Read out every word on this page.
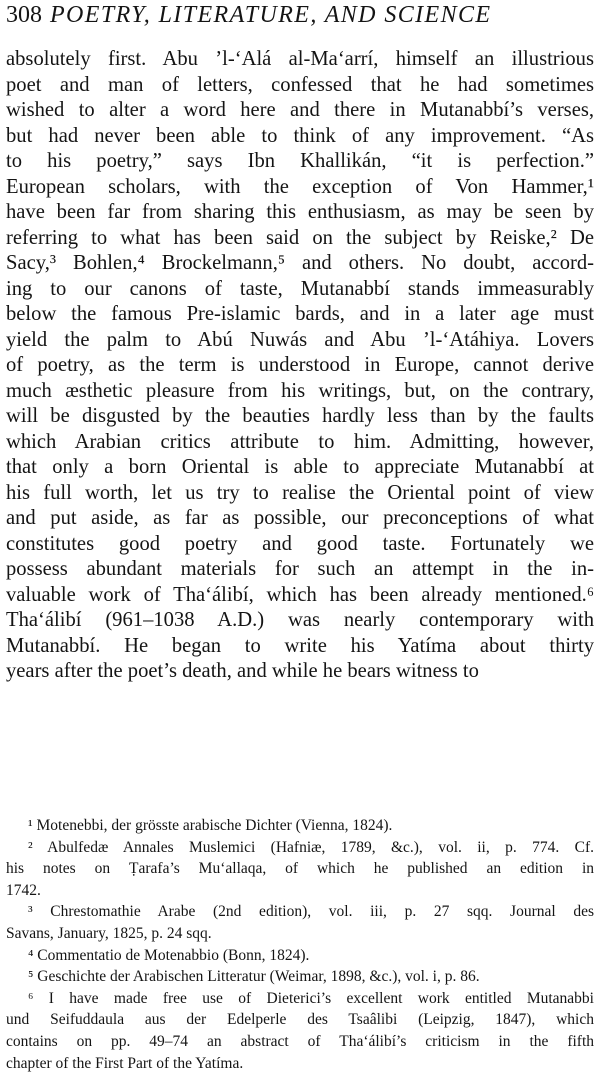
308 POETRY, LITERATURE, AND SCIENCE
absolutely first. Abu ’l-‘Alá al-Ma‘arrí, himself an illustrious
poet and man of letters, confessed that he had sometimes
wished to alter a word here and there in Mutanabbí’s verses,
but had never been able to think of any improvement. “As
to his poetry,” says Ibn Khallikán, “it is perfection.”
European scholars, with the exception of Von Hammer,¹
have been far from sharing this enthusiasm, as may be seen by
referring to what has been said on the subject by Reiske,² De
Sacy,³ Bohlen,⁴ Brockelmann,⁵ and others. No doubt, accord-
ing to our canons of taste, Mutanabbí stands immeasurably
below the famous Pre-islamic bards, and in a later age must
yield the palm to Abú Nuwás and Abu ’l-‘Atáhiya. Lovers
of poetry, as the term is understood in Europe, cannot derive
much æsthetic pleasure from his writings, but, on the contrary,
will be disgusted by the beauties hardly less than by the faults
which Arabian critics attribute to him. Admitting, however,
that only a born Oriental is able to appreciate Mutanabbí at
his full worth, let us try to realise the Oriental point of view
and put aside, as far as possible, our preconceptions of what
constitutes good poetry and good taste. Fortunately we
possess abundant materials for such an attempt in the in-
valuable work of Tha‘álibí, which has been already mentioned.⁶
Tha‘álibí (961–1038 A.D.) was nearly contemporary with
Mutanabbí. He began to write his Yatíma about thirty
years after the poet’s death, and while he bears witness to
¹ Motenebbi, der grösste arabische Dichter (Vienna, 1824).
² Abulfedæ Annales Muslemici (Hafniæ, 1789, &c.), vol. ii, p. 774. Cf.
his notes on Ṭarafa’s Mu‘allaqa, of which he published an edition in
1742.
³ Chrestomathie Arabe (2nd edition), vol. iii, p. 27 sqq. Journal des
Savans, January, 1825, p. 24 sqq.
⁴ Commentatio de Motenabbio (Bonn, 1824).
⁵ Geschichte der Arabischen Litteratur (Weimar, 1898, &c.), vol. i, p. 86.
⁶ I have made free use of Dieterici’s excellent work entitled Mutanabbi
und Seifuddaula aus der Edelperle des Tsaâlibi (Leipzig, 1847), which
contains on pp. 49–74 an abstract of Tha‘álibí’s criticism in the fifth
chapter of the First Part of the Yatíma.
